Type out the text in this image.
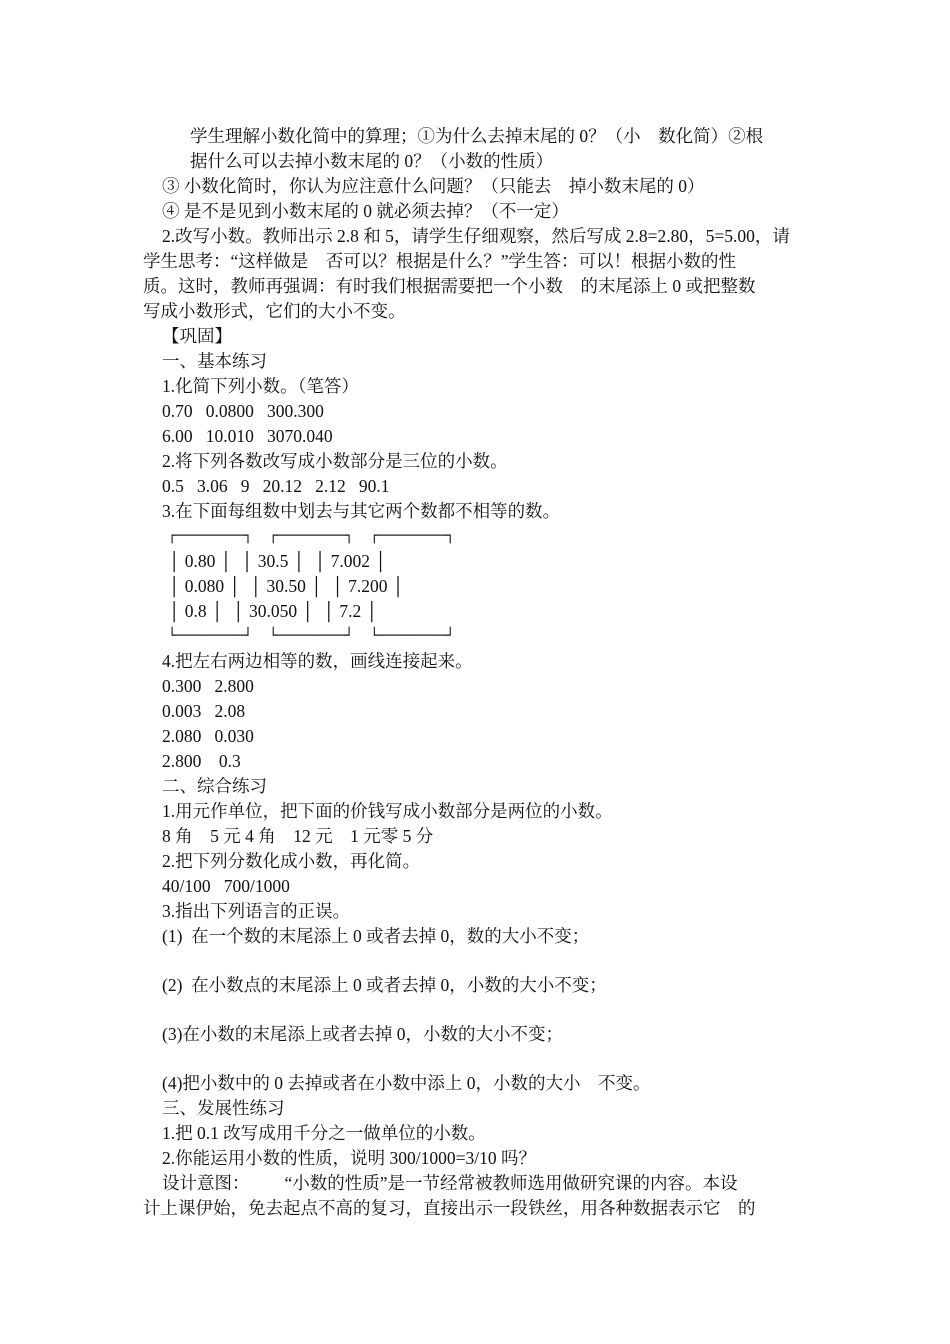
学生理解小数化简中的算理；①为什么去掉末尾的 0？（小    数化简）②根
据什么可以去掉小数末尾的 0？（小数的性质）
③ 小数化简时，你认为应注意什么问题？（只能去    掉小数末尾的 0）
④ 是不是见到小数末尾的 0 就必须去掉？（不一定）
2.改写小数。教师出示 2.8 和 5，请学生仔细观察，然后写成 2.8=2.80，5=5.00，请
学生思考：“这样做是    否可以？根据是什么？”学生答：可以！根据小数的性
质。这时，教师再强调：有时我们根据需要把一个小数    的末尾添上 0 或把整数
写成小数形式，它们的大小不变。
【巩固】
一、基本练习
1.化简下列小数。（笔答）
0.70   0.0800   300.300
6.00   10.010   3070.040
2.将下列各数改写成小数部分是三位的小数。
0.5   3.06   9   20.12   2.12   90.1
3.在下面每组数中划去与其它两个数都不相等的数。
┌────────┐  ┌────────┐  ┌────────┐
│ 0.80 │  │ 30.5 │  │ 7.002 │
│ 0.080 │  │ 30.50 │  │ 7.200 │
│ 0.8 │  │ 30.050 │  │ 7.2 │
└────────┘  └────────┘  └────────┘
4.把左右两边相等的数，画线连接起来。
0.300   2.800
0.003   2.08
2.080   0.030
2.800    0.3
二、综合练习
1.用元作单位，把下面的价钱写成小数部分是两位的小数。
8 角    5 元 4 角    12 元    1 元零 5 分
2.把下列分数化成小数，再化简。
40/100   700/1000
3.指出下列语言的正误。
(1)  在一个数的末尾添上 0 或者去掉 0，数的大小不变；
(2)  在小数点的末尾添上 0 或者去掉 0，小数的大小不变；
(3)在小数的末尾添上或者去掉 0，小数的大小不变；
(4)把小数中的 0 去掉或者在小数中添上 0，小数的大小    不变。
三、发展性练习
1.把 0.1 改写成用千分之一做单位的小数。
2.你能运用小数的性质，说明 300/1000=3/10 吗？
设计意图：        “小数的性质”是一节经常被教师选用做研究课的内容。本设
计上课伊始，免去起点不高的复习，直接出示一段铁丝，用各种数据表示它    的
